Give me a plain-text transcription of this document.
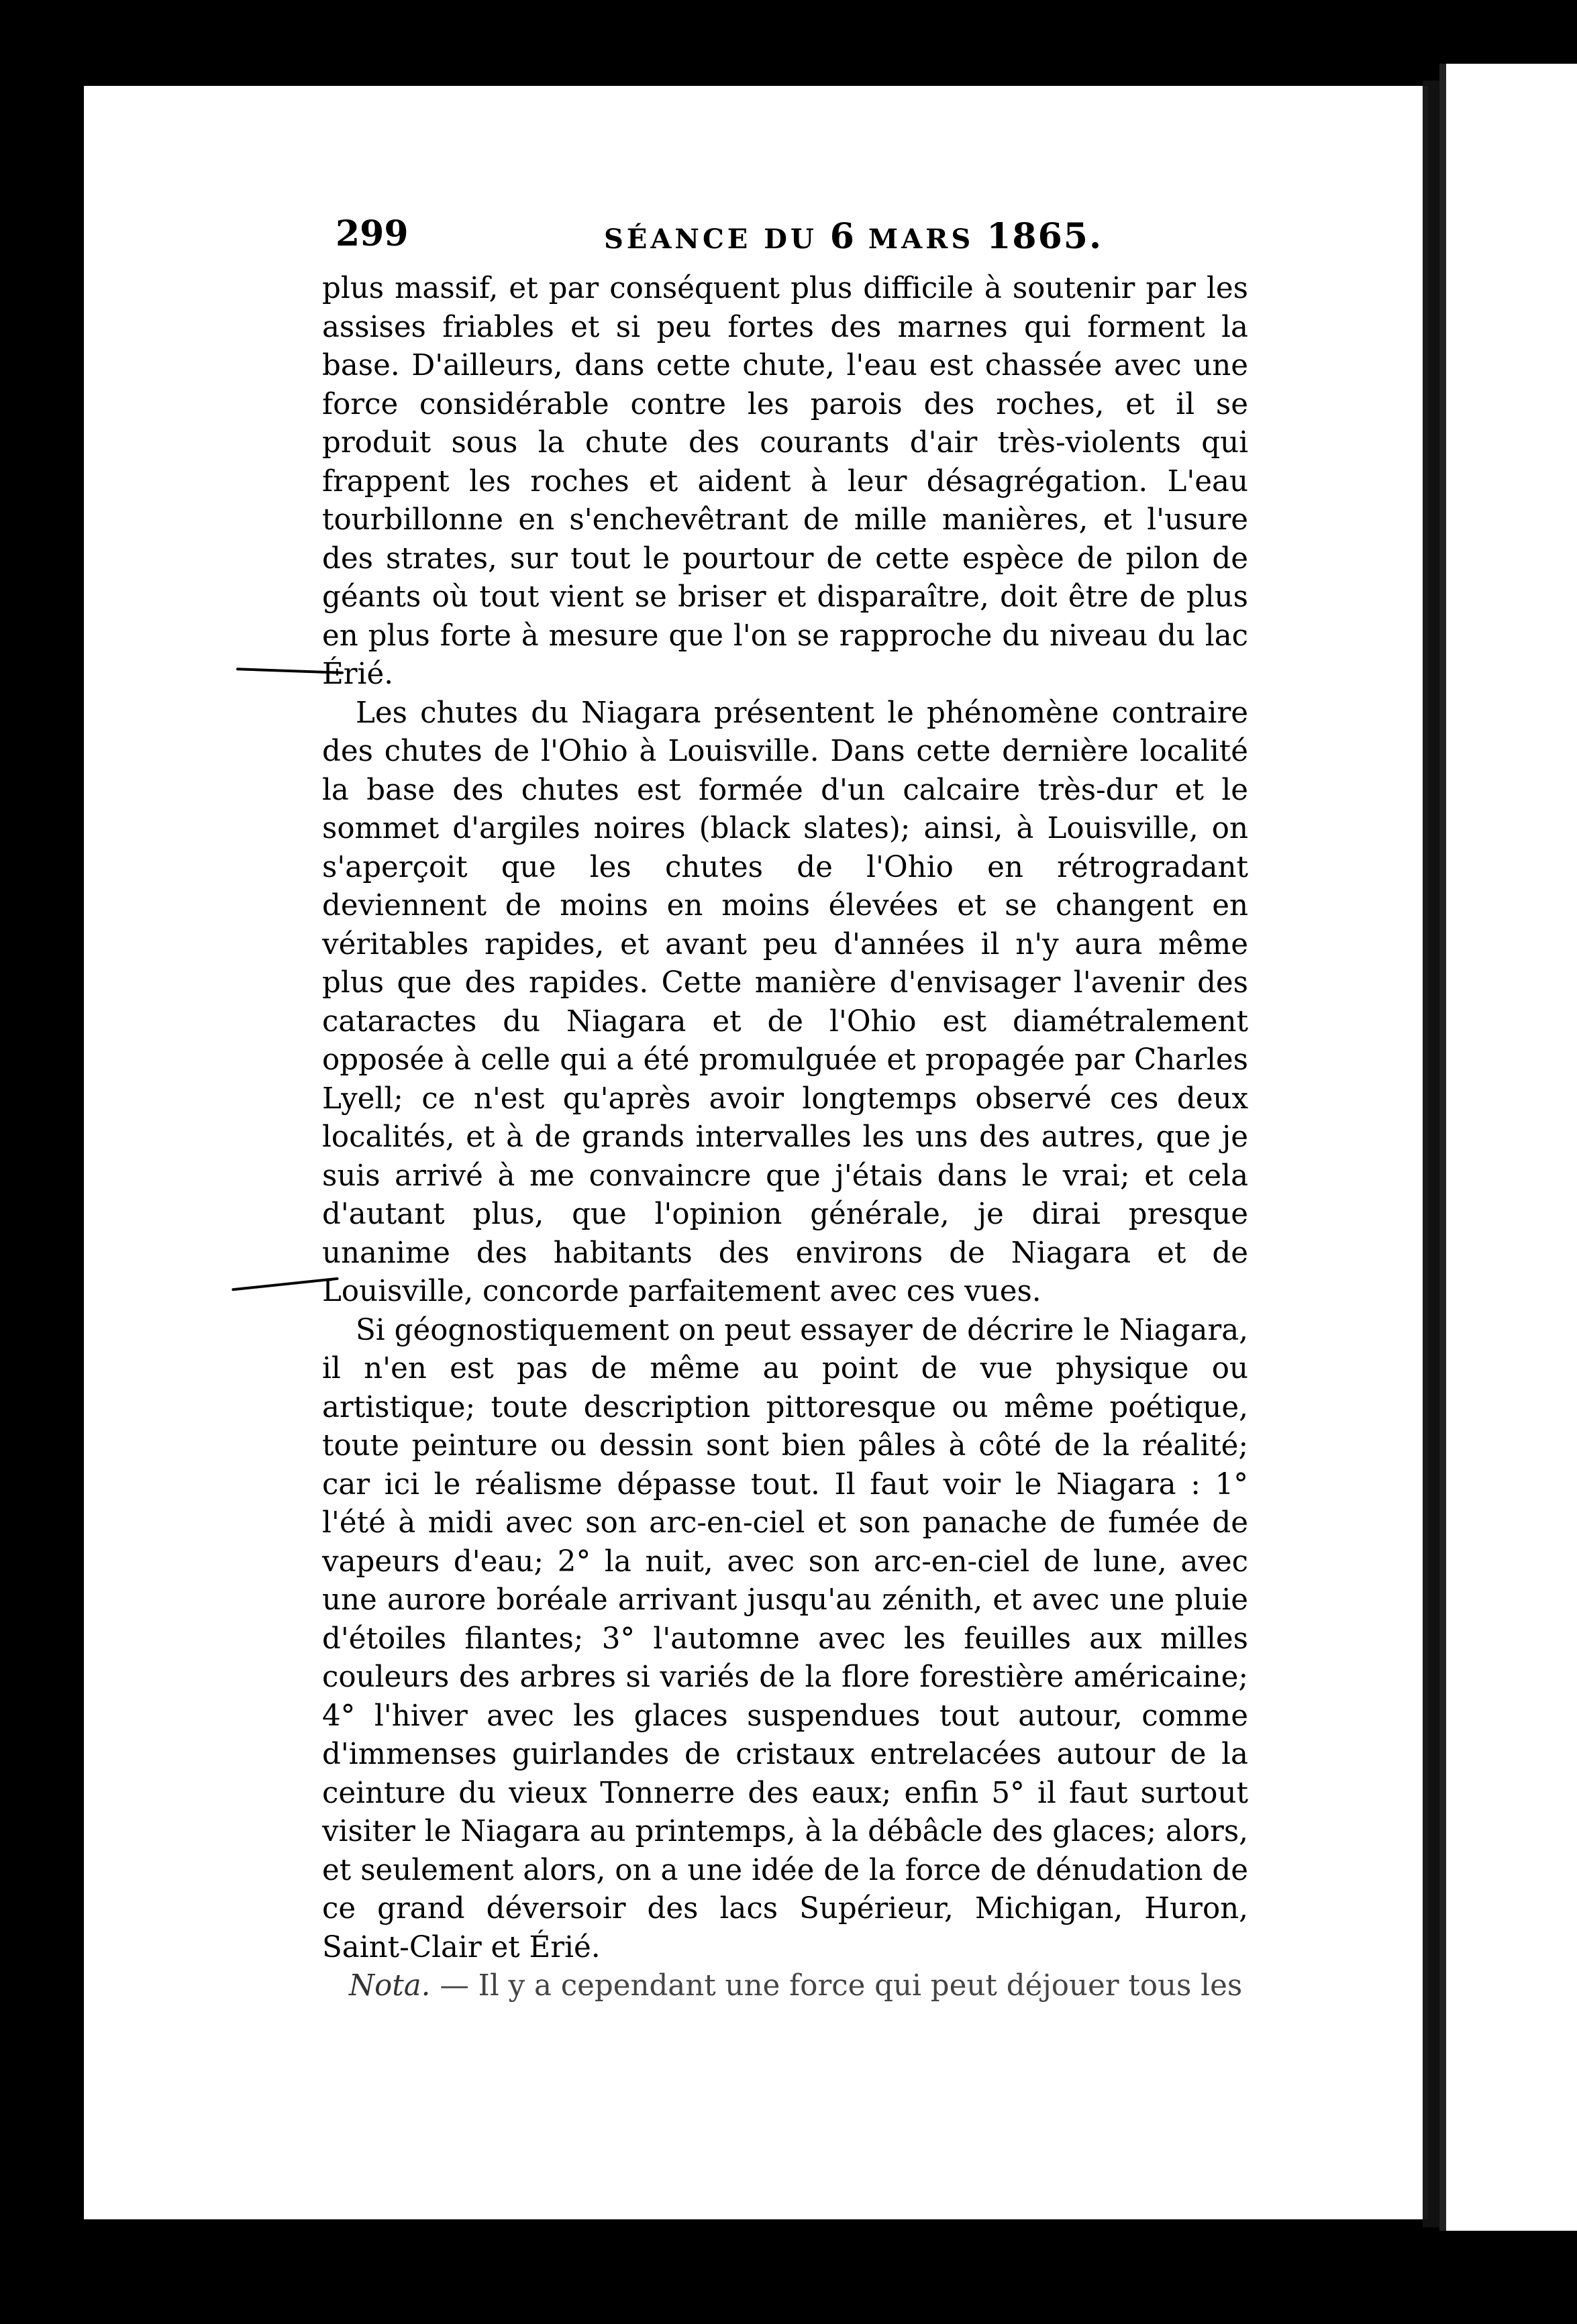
299	SÉANCE DU 6 MARS 1865.

plus massif, et par conséquent plus difficile à soutenir par les assises friables et si peu fortes des marnes qui forment la base. D'ailleurs, dans cette chute, l'eau est chassée avec une force considérable contre les parois des roches, et il se produit sous la chute des courants d'air très-violents qui frappent les roches et aident à leur désagrégation. L'eau tourbillonne en s'enchevêtrant de mille manières, et l'usure des strates, sur tout le pourtour de cette espèce de pilon de géants où tout vient se briser et disparaître, doit être de plus en plus forte à mesure que l'on se rapproche du niveau du lac Érié.

Les chutes du Niagara présentent le phénomène contraire des chutes de l'Ohio à Louisville. Dans cette dernière localité la base des chutes est formée d'un calcaire très-dur et le sommet d'argiles noires (black slates); ainsi, à Louisville, on s'aperçoit que les chutes de l'Ohio en rétrogradant deviennent de moins en moins élevées et se changent en véritables rapides, et avant peu d'années il n'y aura même plus que des rapides. Cette manière d'envisager l'avenir des cataractes du Niagara et de l'Ohio est diamétralement opposée à celle qui a été promulguée et propagée par Charles Lyell; ce n'est qu'après avoir longtemps observé ces deux localités, et à de grands intervalles les uns des autres, que je suis arrivé à me convaincre que j'étais dans le vrai; et cela d'autant plus, que l'opinion générale, je dirai presque unanime des habitants des environs de Niagara et de Louisville, concorde parfaitement avec ces vues.

Si géognostiquement on peut essayer de décrire le Niagara, il n'en est pas de même au point de vue physique ou artistique; toute description pittoresque ou même poétique, toute peinture ou dessin sont bien pâles à côté de la réalité; car ici le réalisme dépasse tout. Il faut voir le Niagara : 1° l'été à midi avec son arc-en-ciel et son panache de fumée de vapeurs d'eau; 2° la nuit, avec son arc-en-ciel de lune, avec une aurore boréale arrivant jusqu'au zénith, et avec une pluie d'étoiles filantes; 3° l'automne avec les feuilles aux milles couleurs des arbres si variés de la flore forestière américaine; 4° l'hiver avec les glaces suspendues tout autour, comme d'immenses guirlandes de cristaux entrelacées autour de la ceinture du vieux Tonnerre des eaux; enfin 5° il faut surtout visiter le Niagara au printemps, à la débâcle des glaces; alors, et seulement alors, on a une idée de la force de dénudation de ce grand déversoir des lacs Supérieur, Michigan, Huron, Saint-Clair et Érié.

Nota. — Il y a cependant une force qui peut déjouer tous les
